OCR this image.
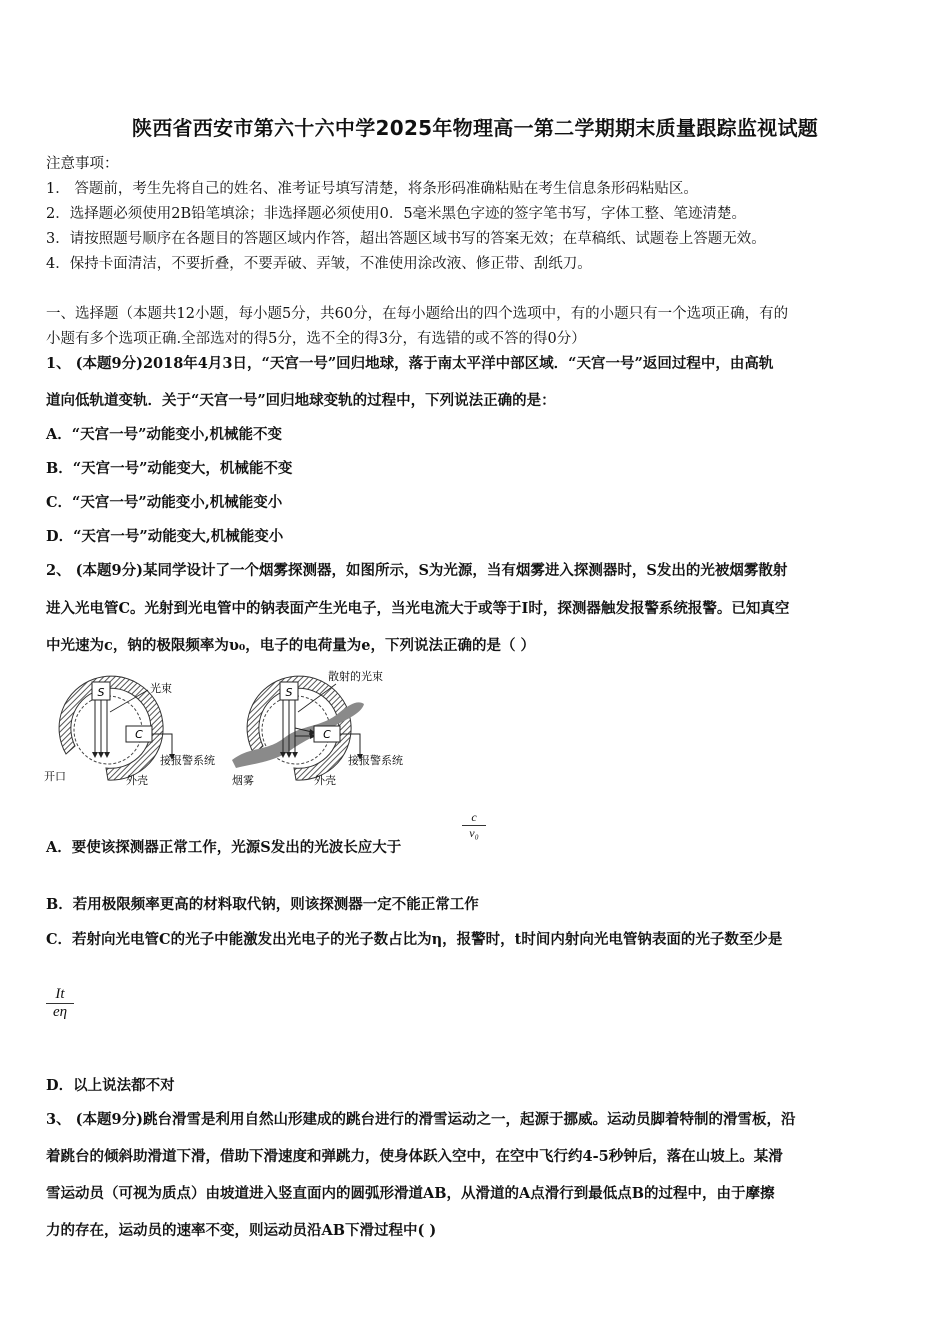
陕西省西安市第六十六中学2025年物理高一第二学期期末质量跟踪监视试题
注意事项：
1． 答题前，考生先将自己的姓名、准考证号填写清楚，将条形码准确粘贴在考生信息条形码粘贴区。
2．选择题必须使用2B铅笔填涂；非选择题必须使用0．5毫米黑色字迹的签字笔书写，字体工整、笔迹清楚。
3．请按照题号顺序在各题目的答题区域内作答，超出答题区域书写的答案无效；在草稿纸、试题卷上答题无效。
4．保持卡面清洁，不要折叠，不要弄破、弄皱，不准使用涂改液、修正带、刮纸刀。
一、选择题（本题共12小题，每小题5分，共60分，在每小题给出的四个选项中，有的小题只有一个选项正确，有的
小题有多个选项正确.全部选对的得5分，选不全的得3分，有选错的或不答的得0分）
1、 (本题9分)2018年4月3日，“天宫一号”回归地球，落于南太平洋中部区域．“天宫一号”返回过程中，由高轨
道向低轨道变轨．关于“天宫一号”回归地球变轨的过程中，下列说法正确的是：
A．“天宫一号”动能变小,机械能不变
B．“天宫一号”动能变大，机械能不变
C．“天宫一号”动能变小,机械能变小
D．“天宫一号”动能变大,机械能变小
2、 (本题9分)某同学设计了一个烟雾探测器，如图所示，S为光源，当有烟雾进入探测器时，S发出的光被烟雾散射
进入光电管C。光射到光电管中的钠表面产生光电子，当光电流大于或等于I时，探测器触发报警系统报警。已知真空
中光速为c，钠的极限频率为υ₀，电子的电荷量为e，下列说法正确的是（ ）
S
C
光束
接报警系统
开口	外壳
S
C
散射的光束
接报警系统
烟雾	外壳
A．要使该探测器正常工作，光源S发出的光波长应大于
c
v₀
B．若用极限频率更高的材料取代钠，则该探测器一定不能正常工作
C．若射向光电管C的光子中能激发出光电子的光子数占比为η，报警时，t时间内射向光电管钠表面的光子数至少是
It
eη
D．以上说法都不对
3、 (本题9分)跳台滑雪是利用自然山形建成的跳台进行的滑雪运动之一，起源于挪威。运动员脚着特制的滑雪板，沿
着跳台的倾斜助滑道下滑，借助下滑速度和弹跳力，使身体跃入空中，在空中飞行约4-5秒钟后，落在山坡上。某滑
雪运动员（可视为质点）由坡道进入竖直面内的圆弧形滑道AB，从滑道的A点滑行到最低点B的过程中，由于摩擦
力的存在，运动员的速率不变，则运动员沿AB下滑过程中( )
